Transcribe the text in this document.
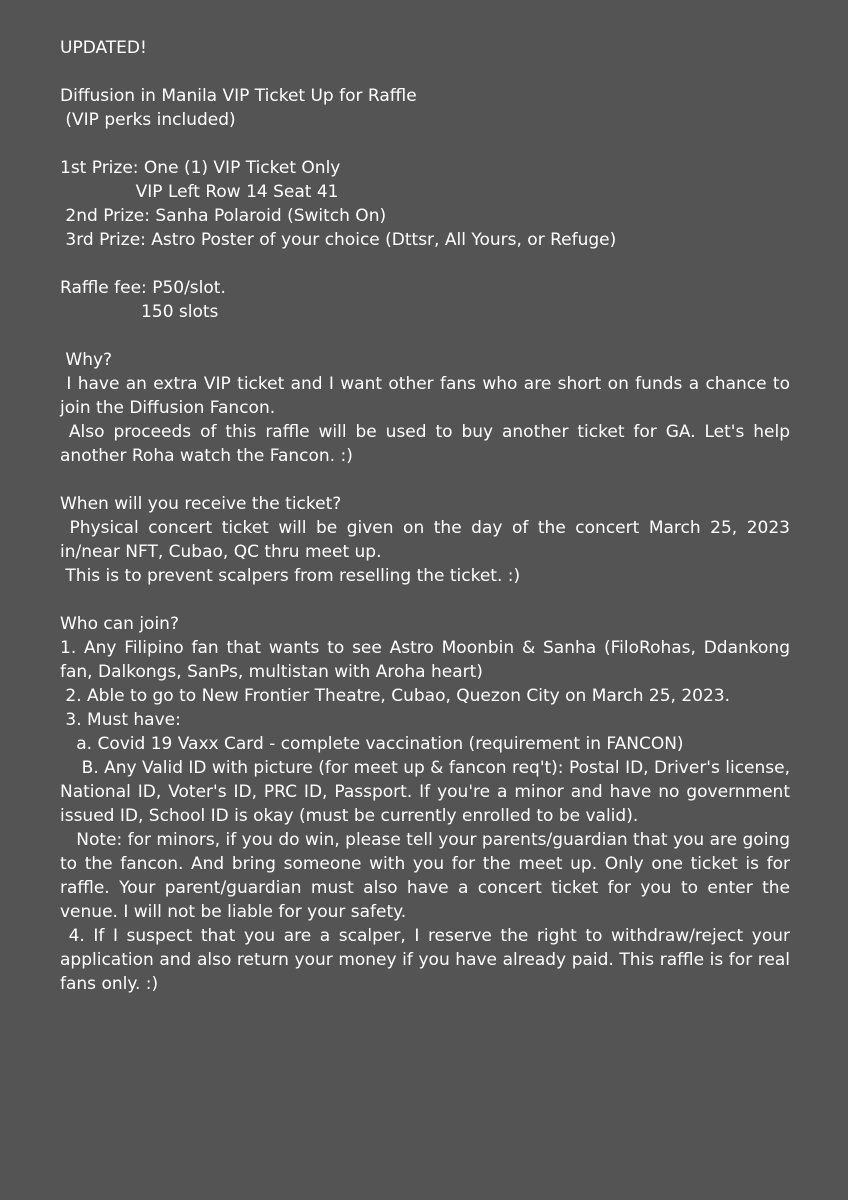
UPDATED!
Diffusion in Manila VIP Ticket Up for Raffle
(VIP perks included)
1st Prize: One (1) VIP Ticket Only
VIP Left Row 14 Seat 41
2nd Prize: Sanha Polaroid (Switch On)
3rd Prize: Astro Poster of your choice (Dttsr, All Yours, or Refuge)
Raffle fee: P50/slot.
150 slots
Why?
I have an extra VIP ticket and I want other fans who are short on funds a chance to join the Diffusion Fancon.
Also proceeds of this raffle will be used to buy another ticket for GA. Let's help another Roha watch the Fancon. :)
When will you receive the ticket?
Physical concert ticket will be given on the day of the concert March 25, 2023 in/near NFT, Cubao, QC thru meet up.
This is to prevent scalpers from reselling the ticket. :)
Who can join?
1. Any Filipino fan that wants to see Astro Moonbin & Sanha (FiloRohas, Ddankong fan, Dalkongs, SanPs, multistan with Aroha heart)
2. Able to go to New Frontier Theatre, Cubao, Quezon City on March 25, 2023.
3. Must have:
a. Covid 19 Vaxx Card - complete vaccination (requirement in FANCON)
B. Any Valid ID with picture (for meet up & fancon req't): Postal ID, Driver's license, National ID, Voter's ID, PRC ID, Passport. If you're a minor and have no government issued ID, School ID is okay (must be currently enrolled to be valid).
Note: for minors, if you do win, please tell your parents/guardian that you are going to the fancon. And bring someone with you for the meet up. Only one ticket is for raffle. Your parent/guardian must also have a concert ticket for you to enter the venue. I will not be liable for your safety.
4. If I suspect that you are a scalper, I reserve the right to withdraw/reject your application and also return your money if you have already paid. This raffle is for real fans only. :)
